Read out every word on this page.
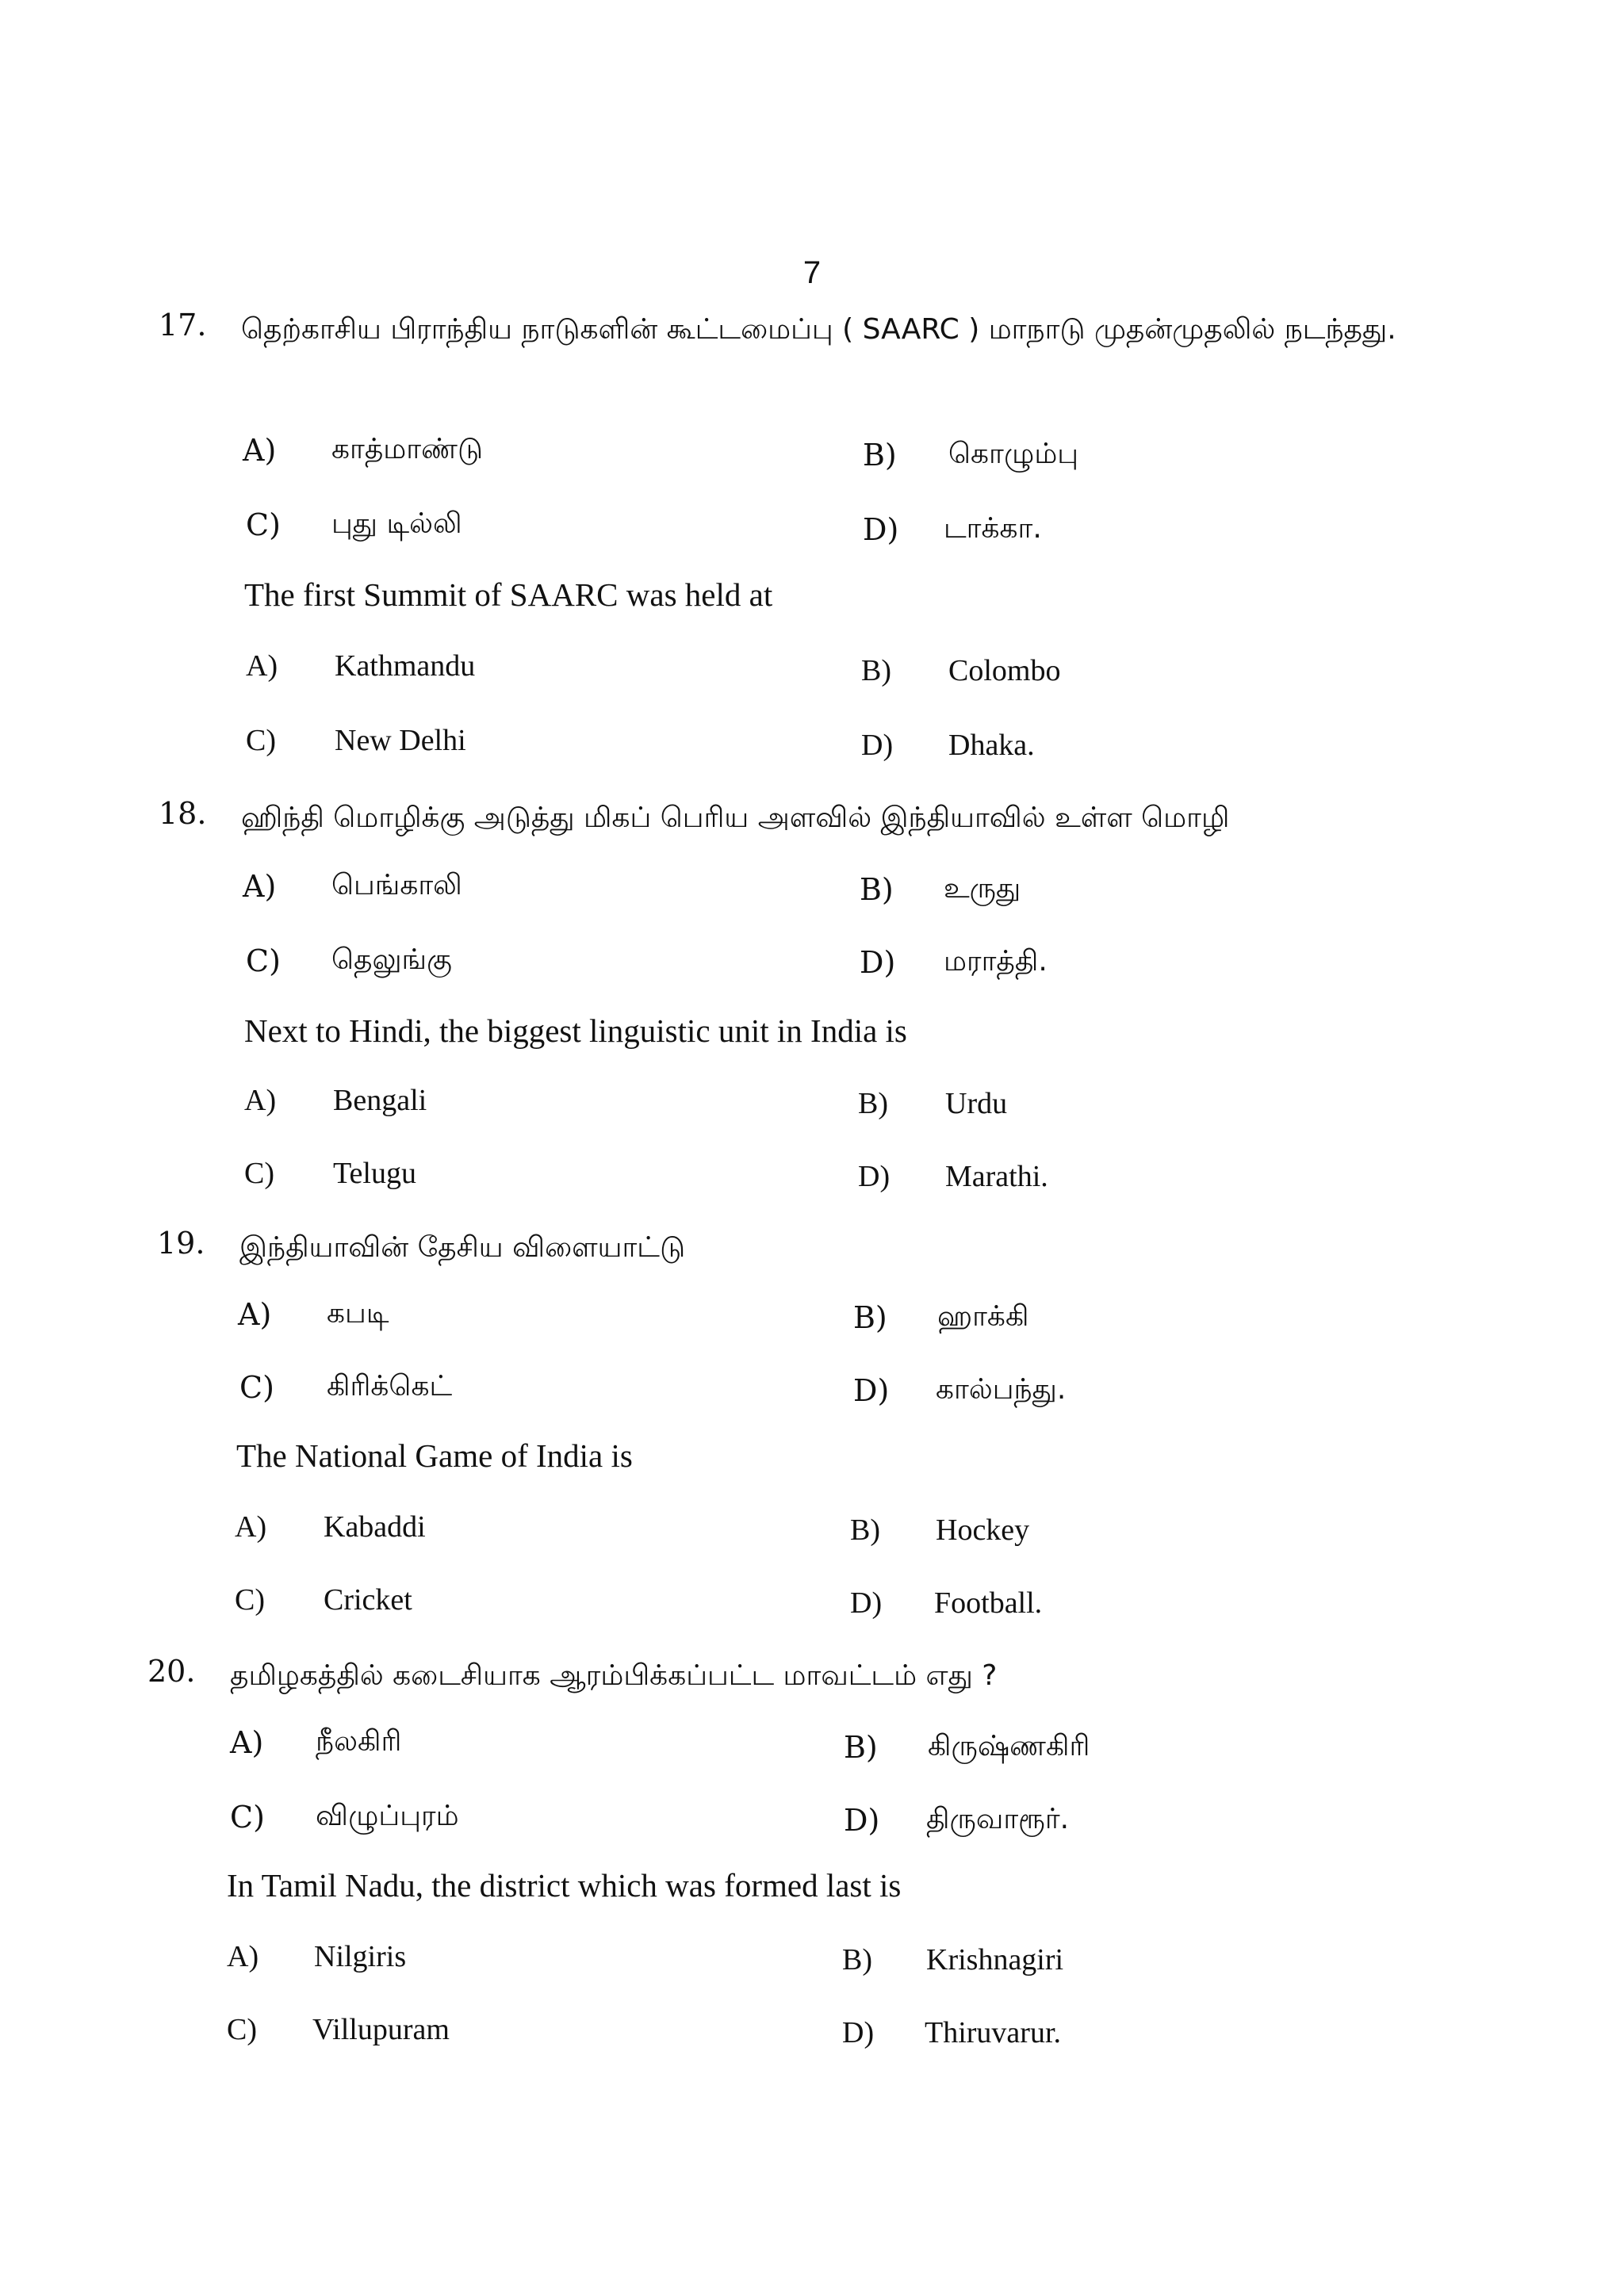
7
17. தெற்காசிய பிராந்திய நாடுகளின் கூட்டமைப்பு ( SAARC ) மாநாடு முதன்முதலில் நடந்தது.
A) காத்மாண்டு	B) கொழும்பு
C) புது டில்லி	D) டாக்கா.
The first Summit of SAARC was held at
A) Kathmandu	B) Colombo
C) New Delhi	D) Dhaka.
18. ஹிந்தி மொழிக்கு அடுத்து மிகப் பெரிய அளவில் இந்தியாவில் உள்ள மொழி
A) பெங்காலி	B) உருது
C) தெலுங்கு	D) மராத்தி.
Next to Hindi, the biggest linguistic unit in India is
A) Bengali	B) Urdu
C) Telugu	D) Marathi.
19. இந்தியாவின் தேசிய விளையாட்டு
A) கபடி	B) ஹாக்கி
C) கிரிக்கெட்	D) கால்பந்து.
The National Game of India is
A) Kabaddi	B) Hockey
C) Cricket	D) Football.
20. தமிழகத்தில் கடைசியாக ஆரம்பிக்கப்பட்ட மாவட்டம் எது ?
A) நீலகிரி	B) கிருஷ்ணகிரி
C) விழுப்புரம்	D) திருவாரூர்.
In Tamil Nadu, the district which was formed last is
A) Nilgiris	B) Krishnagiri
C) Villupuram	D) Thiruvarur.
